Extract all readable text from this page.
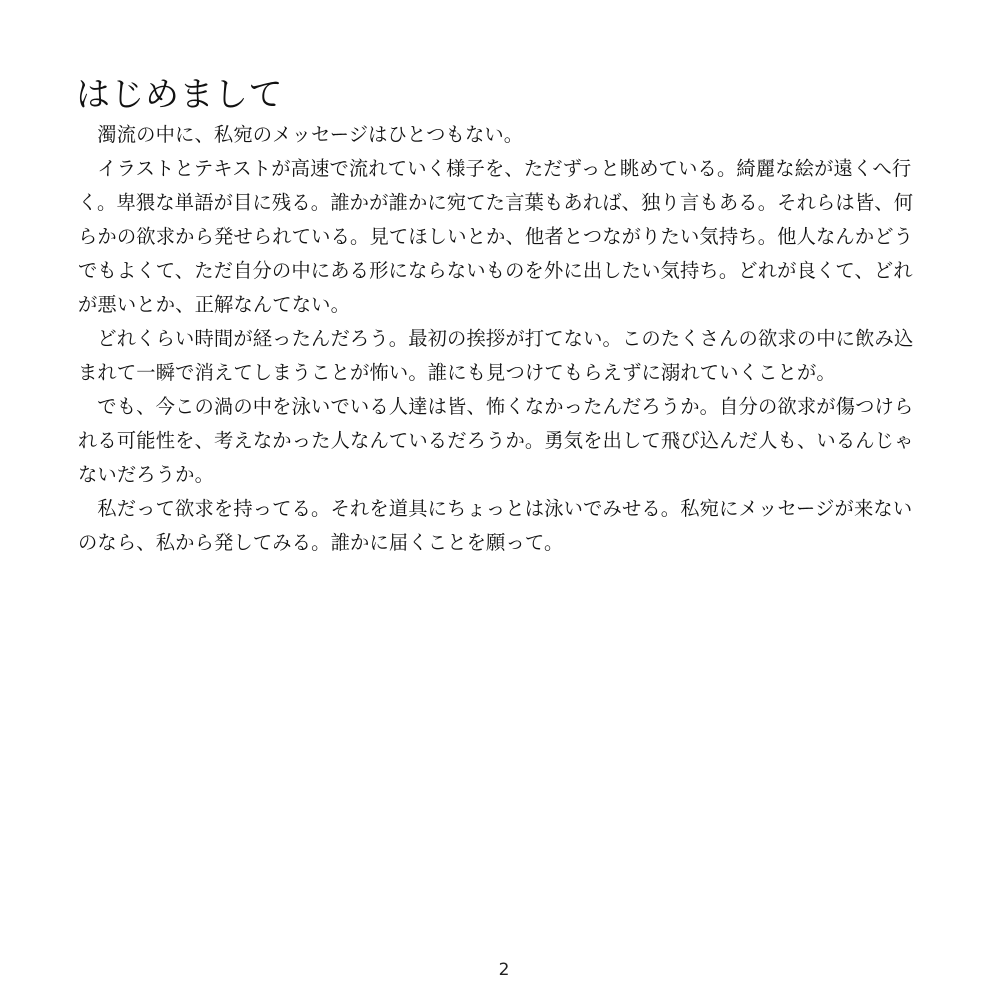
はじめまして

濁流の中に、私宛のメッセージはひとつもない。

イラストとテキストが高速で流れていく様子を、ただずっと眺めている。綺麗な絵が遠くへ行く。卑猥な単語が目に残る。誰かが誰かに宛てた言葉もあれば、独り言もある。それらは皆、何らかの欲求から発せられている。見てほしいとか、他者とつながりたい気持ち。他人なんかどうでもよくて、ただ自分の中にある形にならないものを外に出したい気持ち。どれが良くて、どれが悪いとか、正解なんてない。

どれくらい時間が経ったんだろう。最初の挨拶が打てない。このたくさんの欲求の中に飲み込まれて一瞬で消えてしまうことが怖い。誰にも見つけてもらえずに溺れていくことが。

でも、今この渦の中を泳いでいる人達は皆、怖くなかったんだろうか。自分の欲求が傷つけられる可能性を、考えなかった人なんているだろうか。勇気を出して飛び込んだ人も、いるんじゃないだろうか。

私だって欲求を持ってる。それを道具にちょっとは泳いでみせる。私宛にメッセージが来ないのなら、私から発してみる。誰かに届くことを願って。

2
